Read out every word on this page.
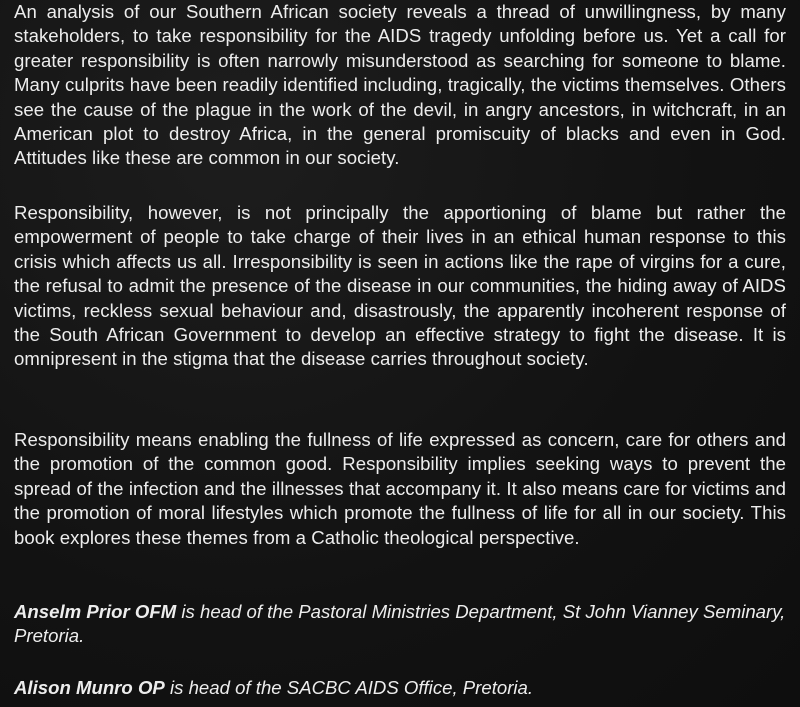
An analysis of our Southern African society reveals a thread of unwillingness, by many stakeholders, to take responsibility for the AIDS tragedy unfolding before us. Yet a call for greater responsibility is often narrowly misunderstood as searching for someone to blame. Many culprits have been readily identified including, tragically, the victims themselves. Others see the cause of the plague in the work of the devil, in angry ancestors, in witchcraft, in an American plot to destroy Africa, in the general promiscuity of blacks and even in God. Attitudes like these are common in our society.

Responsibility, however, is not principally the apportioning of blame but rather the empowerment of people to take charge of their lives in an ethical human response to this crisis which affects us all. Irresponsibility is seen in actions like the rape of virgins for a cure, the refusal to admit the presence of the disease in our communities, the hiding away of AIDS victims, reckless sexual behaviour and, disastrously, the apparently incoherent response of the South African Government to develop an effective strategy to fight the disease. It is omnipresent in the stigma that the disease carries throughout society.

Responsibility means enabling the fullness of life expressed as concern, care for others and the promotion of the common good. Responsibility implies seeking ways to prevent the spread of the infection and the illnesses that accompany it. It also means care for victims and the promotion of moral lifestyles which promote the fullness of life for all in our society. This book explores these themes from a Catholic theological perspective.

Anselm Prior OFM is head of the Pastoral Ministries Department, St John Vianney Seminary, Pretoria.

Alison Munro OP is head of the SACBC AIDS Office, Pretoria.
